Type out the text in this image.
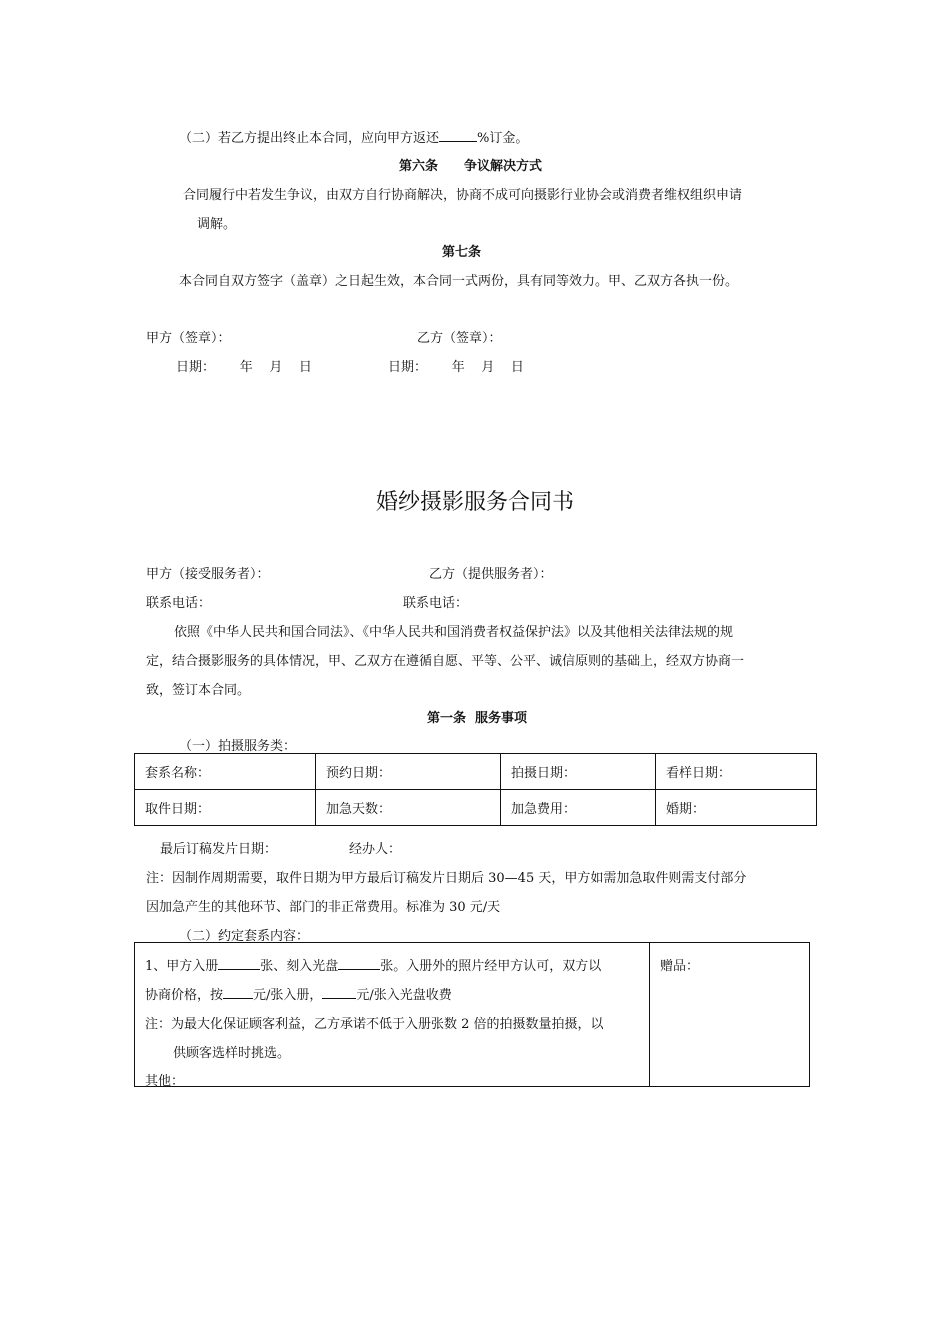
（二）若乙方提出终止本合同，应向甲方返还	%订金。
第六条 争议解决方式
合同履行中若发生争议，由双方自行协商解决，协商不成可向摄影行业协会或消费者维权组织申请
调解。
第七条
本合同自双方签字（盖章）之日起生效，本合同一式两份，具有同等效力。甲、乙双方各执一份。
甲方（签章）：	乙方（签章）：
日期：      年    月    日	日期：      年    月    日
婚纱摄影服务合同书
甲方（接受服务者）：	乙方（提供服务者）：
联系电话：	联系电话：
依照《中华人民共和国合同法》、《中华人民共和国消费者权益保护法》以及其他相关法律法规的规
定，结合摄影服务的具体情况，甲、乙双方在遵循自愿、平等、公平、诚信原则的基础上，经双方协商一
致，签订本合同。
第一条  服务事项
（一）拍摄服务类：
套系名称：	预约日期：	拍摄日期：	看样日期：
取件日期：	加急天数：	加急费用：	婚期：
最后订稿发片日期：	经办人：
注：因制作周期需要，取件日期为甲方最后订稿发片日期后 30—45 天，甲方如需加急取件则需支付部分
因加急产生的其他环节、部门的非正常费用。标准为 30 元/天
（二）约定套系内容：
1、甲方入册	张、刻入光盘	张。入册外的照片经甲方认可，双方以
协商价格，按 元/张入册，	元/张入光盘收费
注：为最大化保证顾客利益，乙方承诺不低于入册张数 2 倍的拍摄数量拍摄，以
供顾客选样时挑选。
其他：
赠品：
